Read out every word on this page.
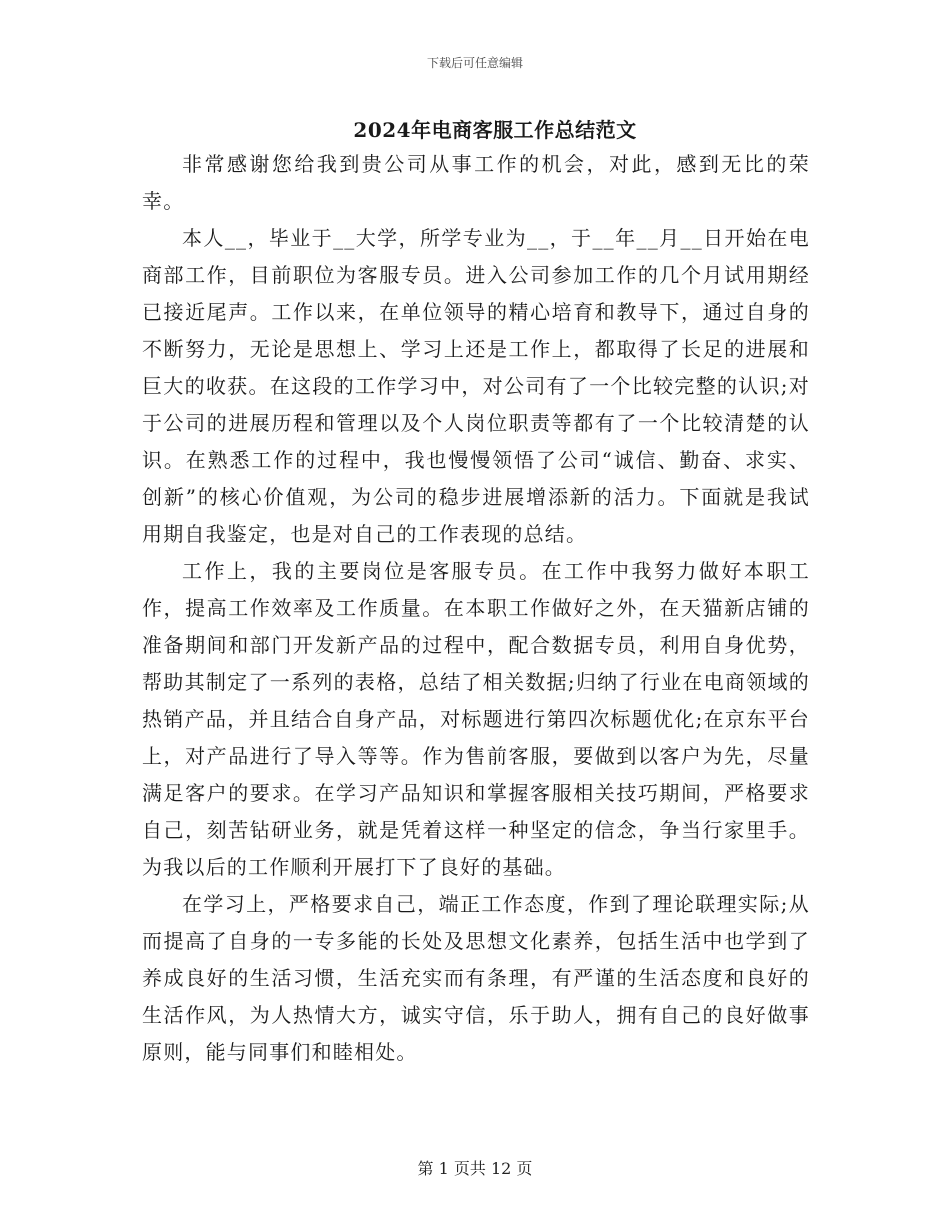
下载后可任意编辑
2024年电商客服工作总结范文

非常感谢您给我到贵公司从事工作的机会，对此，感到无比的荣幸。

本人__，毕业于__大学，所学专业为__，于__年__月__日开始在电商部工作，目前职位为客服专员。进入公司参加工作的几个月试用期经已接近尾声。工作以来，在单位领导的精心培育和教导下，通过自身的不断努力，无论是思想上、学习上还是工作上，都取得了长足的进展和巨大的收获。在这段的工作学习中，对公司有了一个比较完整的认识;对于公司的进展历程和管理以及个人岗位职责等都有了一个比较清楚的认识。在熟悉工作的过程中，我也慢慢领悟了公司“诚信、勤奋、求实、创新”的核心价值观，为公司的稳步进展增添新的活力。下面就是我试用期自我鉴定，也是对自己的工作表现的总结。

工作上，我的主要岗位是客服专员。在工作中我努力做好本职工作，提高工作效率及工作质量。在本职工作做好之外，在天猫新店铺的准备期间和部门开发新产品的过程中，配合数据专员，利用自身优势，帮助其制定了一系列的表格，总结了相关数据;归纳了行业在电商领域的热销产品，并且结合自身产品，对标题进行第四次标题优化;在京东平台上，对产品进行了导入等等。作为售前客服，要做到以客户为先，尽量满足客户的要求。在学习产品知识和掌握客服相关技巧期间，严格要求自己，刻苦钻研业务，就是凭着这样一种坚定的信念，争当行家里手。为我以后的工作顺利开展打下了良好的基础。

在学习上，严格要求自己，端正工作态度，作到了理论联理实际;从而提高了自身的一专多能的长处及思想文化素养，包括生活中也学到了养成良好的生活习惯，生活充实而有条理，有严谨的生活态度和良好的生活作风，为人热情大方，诚实守信，乐于助人，拥有自己的良好做事原则，能与同事们和睦相处。

第 1 页共 12 页
